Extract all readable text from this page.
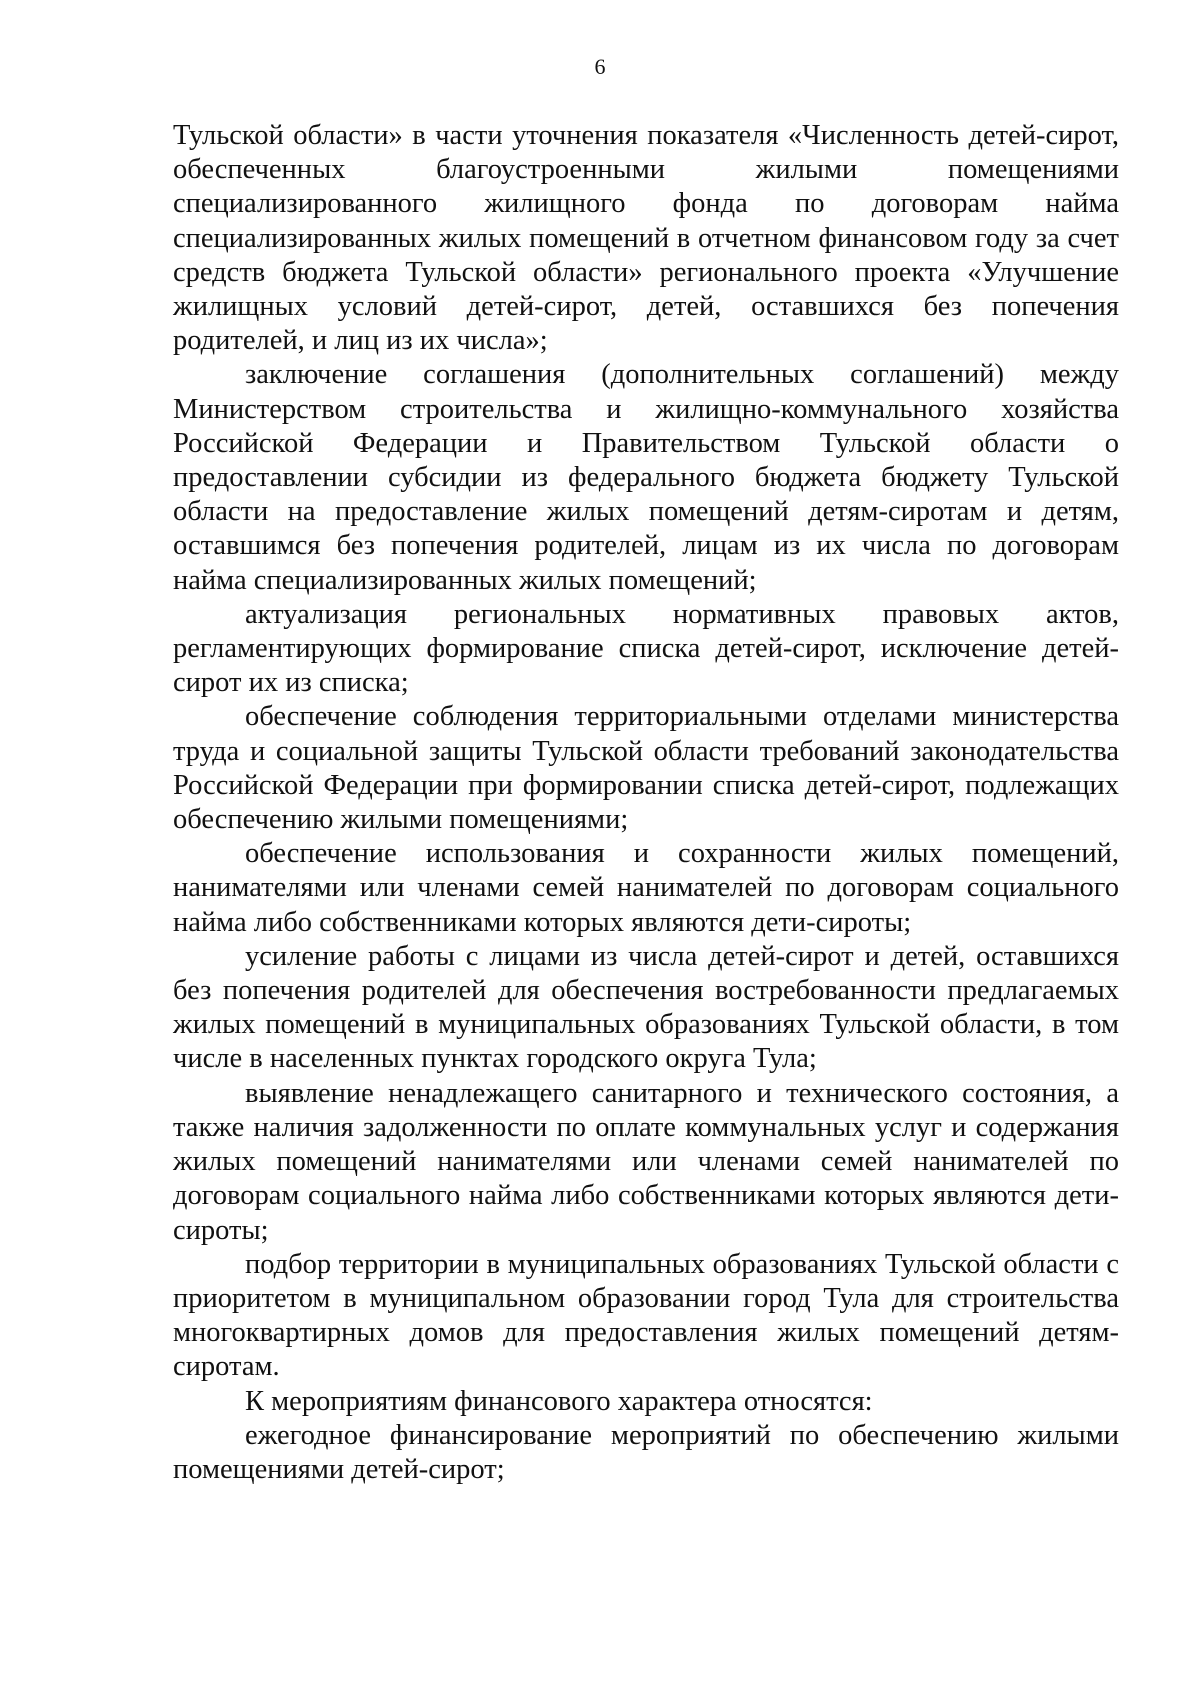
6

Тульской области» в части уточнения показателя «Численность детей-сирот, обеспеченных благоустроенными жилыми помещениями специализированного жилищного фонда по договорам найма специализированных жилых помещений в отчетном финансовом году за счет средств бюджета Тульской области» регионального проекта «Улучшение жилищных условий детей-сирот, детей, оставшихся без попечения родителей, и лиц из их числа»;

заключение соглашения (дополнительных соглашений) между Министерством строительства и жилищно-коммунального хозяйства Российской Федерации и Правительством Тульской области о предоставлении субсидии из федерального бюджета бюджету Тульской области на предоставление жилых помещений детям-сиротам и детям, оставшимся без попечения родителей, лицам из их числа по договорам найма специализированных жилых помещений;

актуализация региональных нормативных правовых актов, регламентирующих формирование списка детей-сирот, исключение детей-сирот их из списка;

обеспечение соблюдения территориальными отделами министерства труда и социальной защиты Тульской области требований законодательства Российской Федерации при формировании списка детей-сирот, подлежащих обеспечению жилыми помещениями;

обеспечение использования и сохранности жилых помещений, нанимателями или членами семей нанимателей по договорам социального найма либо собственниками которых являются дети-сироты;

усиление работы с лицами из числа детей-сирот и детей, оставшихся без попечения родителей для обеспечения востребованности предлагаемых жилых помещений в муниципальных образованиях Тульской области, в том числе в населенных пунктах городского округа Тула;

выявление ненадлежащего санитарного и технического состояния, а также наличия задолженности по оплате коммунальных услуг и содержания жилых помещений нанимателями или членами семей нанимателей по договорам социального найма либо собственниками которых являются дети-сироты;

подбор территории в муниципальных образованиях Тульской области с приоритетом в муниципальном образовании город Тула для строительства многоквартирных домов для предоставления жилых помещений детям-сиротам.

К мероприятиям финансового характера относятся:

ежегодное финансирование мероприятий по обеспечению жилыми помещениями детей-сирот;
